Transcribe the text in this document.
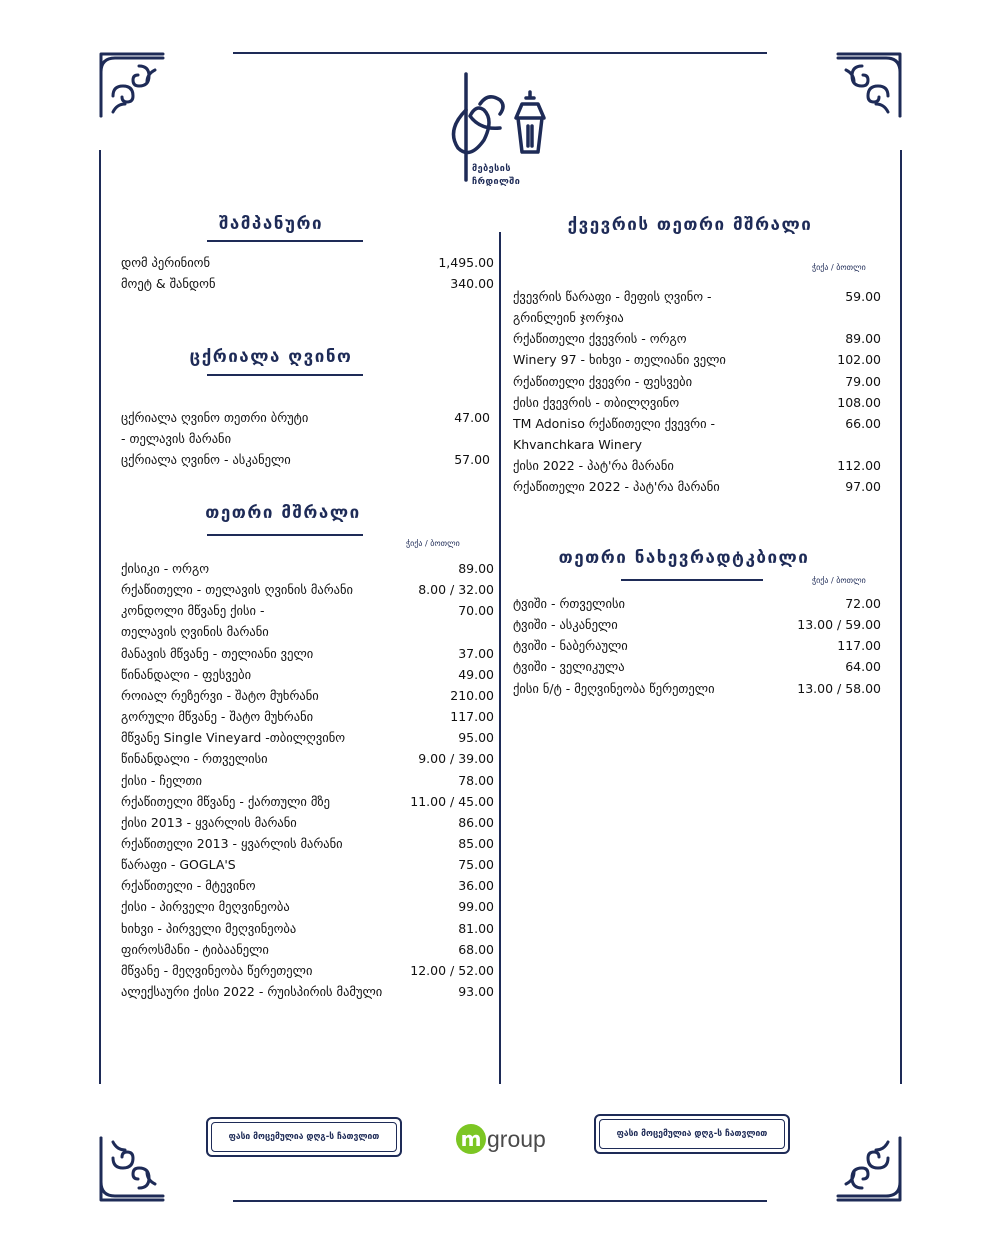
მებესის
ჩრდილში
შამპანური
დომ პერინიონ	1,495.00
მოეტ & შანდონ	340.00
ცქრიალა ღვინო
ცქრიალა ღვინო თეთრი ბრუტი	47.00
- თელავის მარანი
ცქრიალა ღვინო - ასკანელი	57.00
თეთრი მშრალი
ჭიქა / ბოთლი
ქისიკი - ორგო	89.00
რქაწითელი - თელავის ღვინის მარანი	8.00 / 32.00
კონდოლი მწვანე ქისი -	70.00
თელავის ღვინის მარანი
მანავის მწვანე - თელიანი ველი	37.00
წინანდალი - ფესვები	49.00
როიალ რეზერვი - შატო მუხრანი	210.00
გორული მწვანე - შატო მუხრანი	117.00
მწვანე Single Vineyard -თბილღვინო	95.00
წინანდალი - რთველისი	9.00 / 39.00
ქისი - ჩელთი	78.00
რქაწითელი მწვანე - ქართული მზე	11.00 / 45.00
ქისი 2013 - ყვარლის მარანი	86.00
რქაწითელი 2013 - ყვარლის მარანი	85.00
წარაფი - GOGLA'S	75.00
რქაწითელი - მტევინო	36.00
ქისი - პირველი მეღვინეობა	99.00
ხიხვი - პირველი მეღვინეობა	81.00
ფიროსმანი - ტიბაანელი	68.00
მწვანე - მეღვინეობა წერეთელი	12.00 / 52.00
ალექსაური ქისი 2022 - რუისპირის მამული	93.00
ქვევრის თეთრი მშრალი
ჭიქა / ბოთლი
ქვევრის წარაფი - მეფის ღვინო -	59.00
გრინლეინ ჯორჯია
რქაწითელი ქვევრის - ორგო	89.00
Winery 97 - ხიხვი - თელიანი ველი	102.00
რქაწითელი ქვევრი - ფესვები	79.00
ქისი ქვევრის - თბილღვინო	108.00
TM Adoniso რქაწითელი ქვევრი -	66.00
Khvanchkara Winery
ქისი 2022 - პატ'რა მარანი	112.00
რქაწითელი 2022 - პატ'რა მარანი	97.00
თეთრი ნახევრადტკბილი
ჭიქა / ბოთლი
ტვიში - რთველისი	72.00
ტვიში - ასკანელი	13.00 / 59.00
ტვიში - ნაბერაული	117.00
ტვიში - ველიკულა	64.00
ქისი ნ/ტ - მეღვინეობა წერეთელი	13.00 / 58.00
ფასი მოცემულია დღგ-ს ჩათვლით	ფასი მოცემულია დღგ-ს ჩათვლით
m group
